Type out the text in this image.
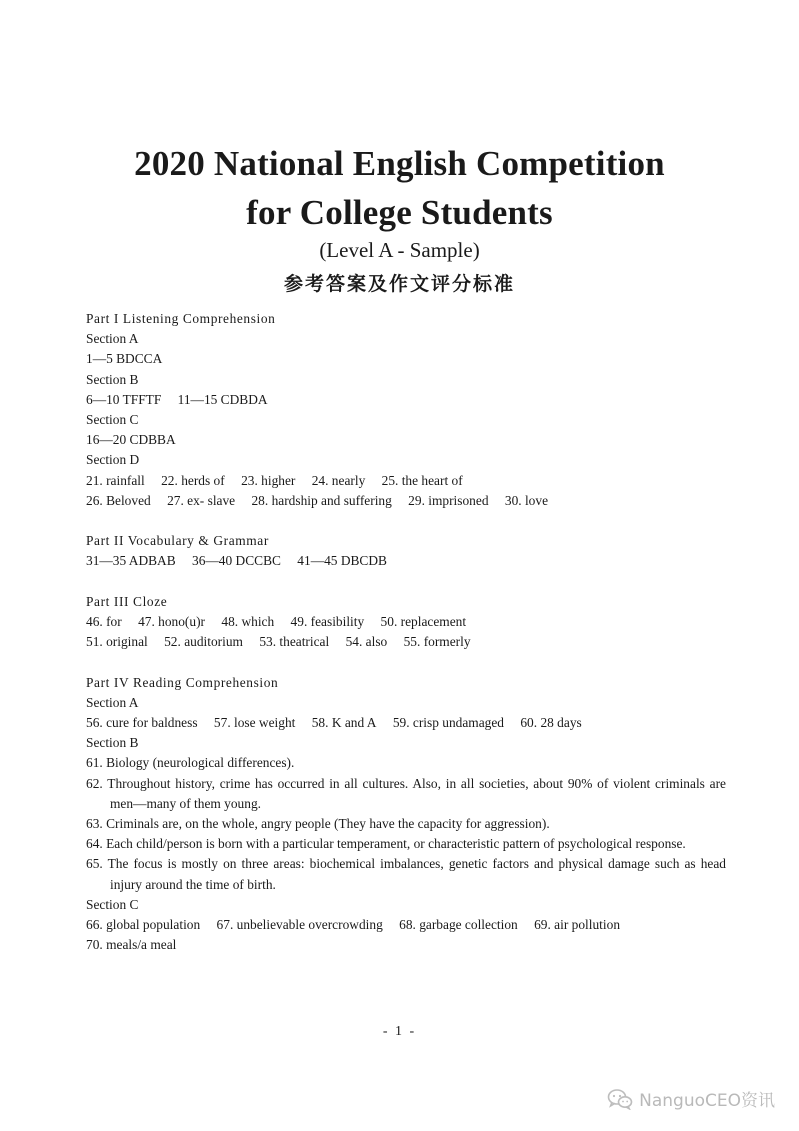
2020 National English Competition
for College Students
(Level A - Sample)
参考答案及作文评分标准
Part I Listening Comprehension
Section A
1—5 BDCCA
Section B
6—10 TFFTF 11—15 CDBDA
Section C
16—20 CDBBA
Section D
21. rainfall 22. herds of 23. higher 24. nearly 25. the heart of
26. Beloved 27. ex- slave 28. hardship and suffering 29. imprisoned 30. love
Part II Vocabulary & Grammar
31—35 ADBAB 36—40 DCCBC 41—45 DBCDB
Part III Cloze
46. for 47. hono(u)r 48. which 49. feasibility 50. replacement
51. original 52. auditorium 53. theatrical 54. also 55. formerly
Part IV Reading Comprehension
Section A
56. cure for baldness 57. lose weight 58. K and A 59. crisp undamaged 60. 28 days
Section B
61. Biology (neurological differences).
62. Throughout history, crime has occurred in all cultures. Also, in all societies, about 90% of violent criminals are men—many of them young.
63. Criminals are, on the whole, angry people (They have the capacity for aggression).
64. Each child/person is born with a particular temperament, or characteristic pattern of psychological response.
65. The focus is mostly on three areas: biochemical imbalances, genetic factors and physical damage such as head injury around the time of birth.
Section C
66. global population 67. unbelievable overcrowding 68. garbage collection 69. air pollution
70. meals/a meal
- 1 -
NanguoCEO资讯
